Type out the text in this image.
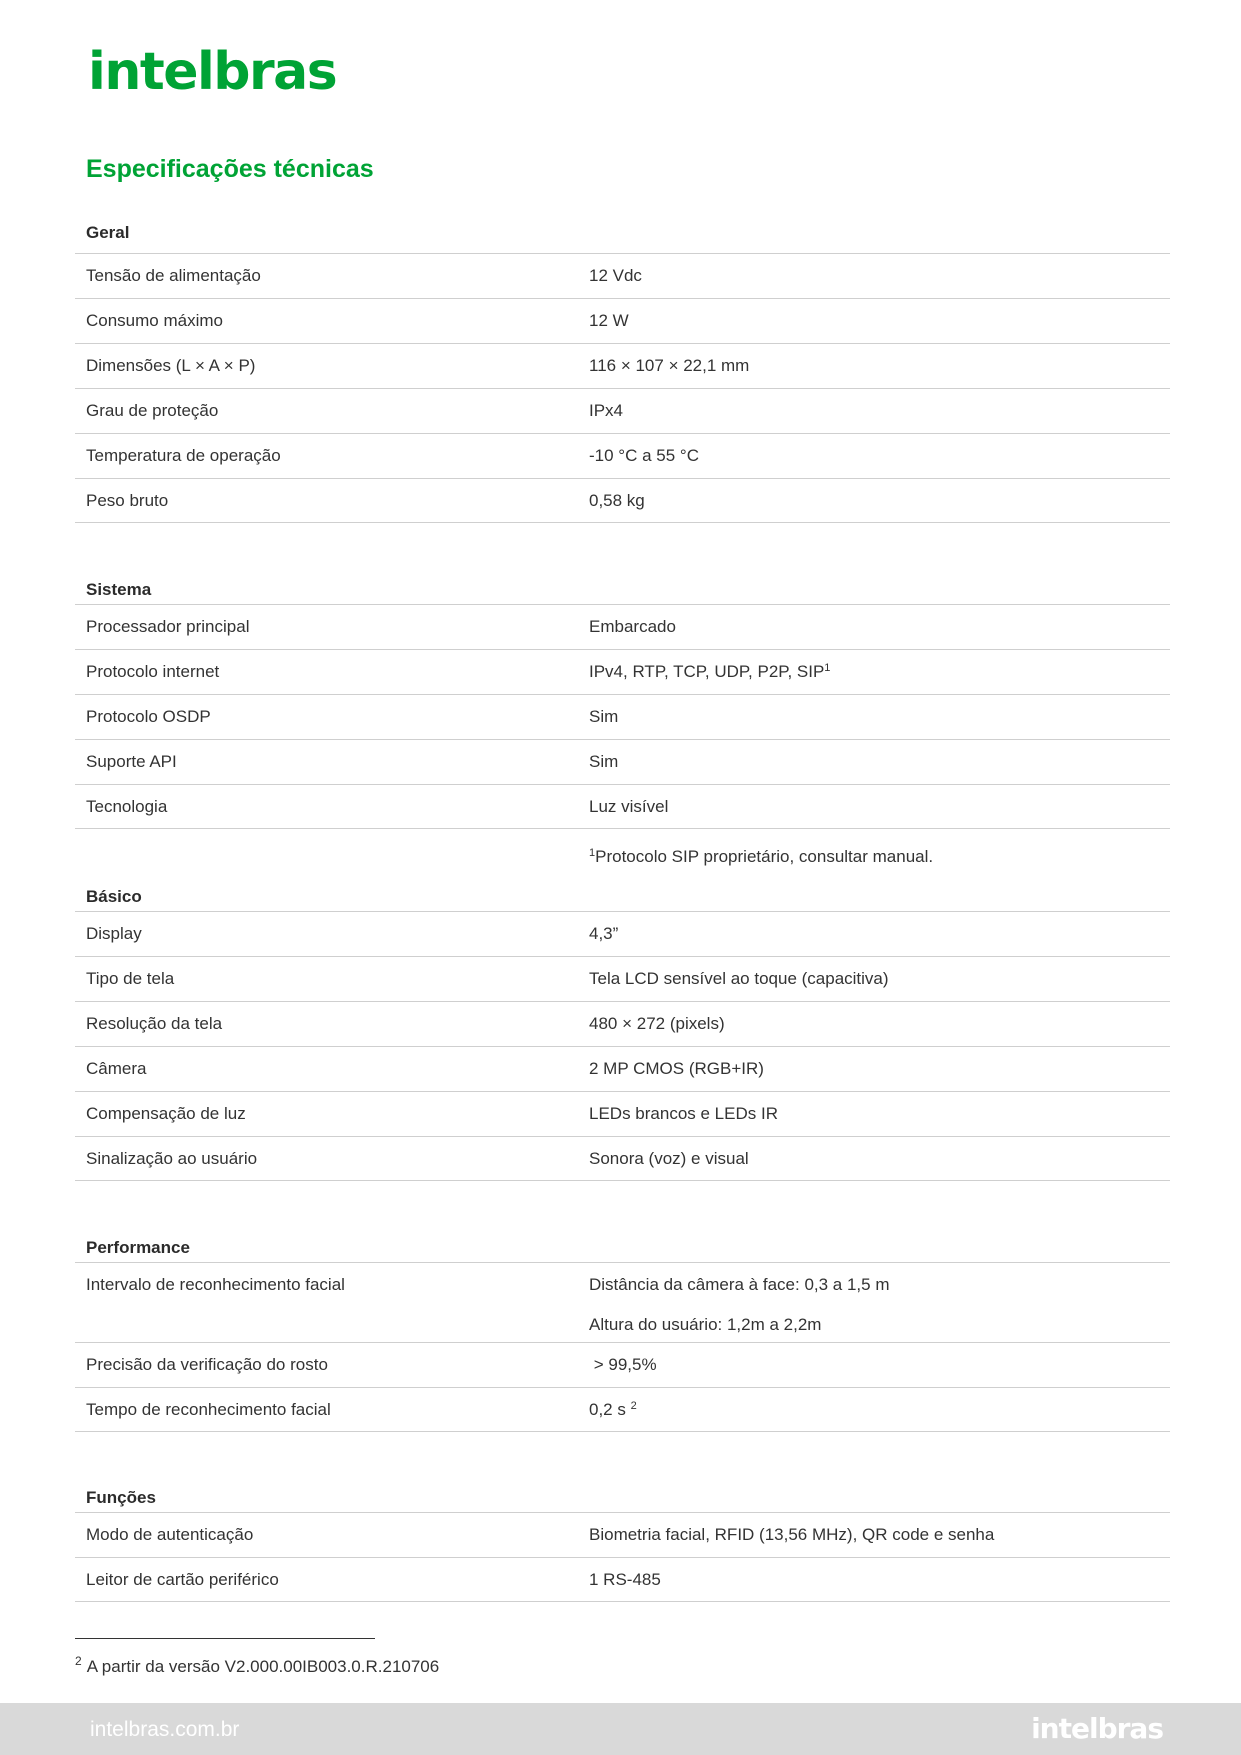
intelbras
Especificações técnicas
Geral
Tensão de alimentação	12 Vdc
Consumo máximo	12 W
Dimensões (L × A × P)	116 × 107 × 22,1 mm
Grau de proteção	IPx4
Temperatura de operação	-10 °C a 55 °C
Peso bruto	0,58 kg
Sistema
Processador principal	Embarcado
Protocolo internet	IPv4, RTP, TCP, UDP, P2P, SIP$^1$
Protocolo OSDP	Sim
Suporte API	Sim
Tecnologia	Luz visível
$^1$Protocolo SIP proprietário, consultar manual.
Básico
Display	4,3”
Tipo de tela	Tela LCD sensível ao toque (capacitiva)
Resolução da tela	480 × 272 (pixels)
Câmera	2 MP CMOS (RGB+IR)
Compensação de luz	LEDs brancos e LEDs IR
Sinalização ao usuário	Sonora (voz) e visual
Performance
Intervalo de reconhecimento facial	Distância da câmera à face: 0,3 a 1,5 m
Altura do usuário: 1,2m a 2,2m
Precisão da verificação do rosto	> 99,5%
Tempo de reconhecimento facial	0,2 s $^2$
Funções
Modo de autenticação	Biometria facial, RFID (13,56 MHz), QR code e senha
Leitor de cartão periférico	1 RS-485
$^2$ A partir da versão V2.000.00IB003.0.R.210706
intelbras.com.br	intelbras
